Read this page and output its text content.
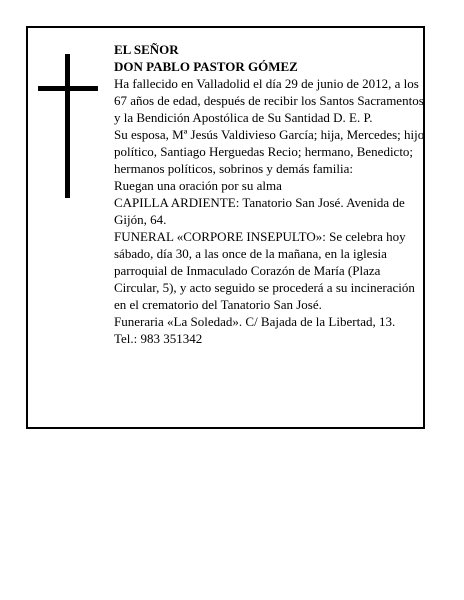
EL SEÑOR

DON PABLO PASTOR GÓMEZ

Ha fallecido en Valladolid el día 29 de junio de 2012, a los 67 años de edad, después de recibir los Santos Sacramentos y la Bendición Apostólica de Su Santidad D. E. P.

Su esposa, Mª Jesús Valdivieso García; hija, Mercedes; hijo político, Santiago Herguedas Recio; hermano, Benedicto; hermanos políticos, sobrinos y demás familia:

Ruegan una oración por su alma

CAPILLA ARDIENTE: Tanatorio San José. Avenida de Gijón, 64.

FUNERAL «CORPORE INSEPULTO»: Se celebra hoy sábado, día 30, a las once de la mañana, en la iglesia parroquial de Inmaculado Corazón de María (Plaza Circular, 5), y acto seguido se procederá a su incineración en el crematorio del Tanatorio San José.

Funeraria «La Soledad». C/ Bajada de la Libertad, 13.

Tel.: 983 351342
